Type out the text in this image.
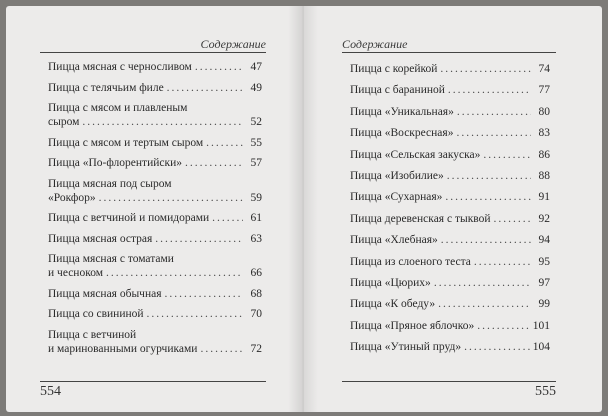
Содержание
Пицца мясная с черносливом .....	47
Пицца с телячьим филе .....	49
Пицца с мясом и плавленым
сыром .....	52
Пицца с мясом и тертым сыром .....	55
Пицца «По-флорентийски» .....	57
Пицца мясная под сыром
«Рокфор» .....	59
Пицца с ветчиной и помидорами .....	61
Пицца мясная острая .....	63
Пицца мясная с томатами
и чесноком .....	66
Пицца мясная обычная .....	68
Пицца со свининой .....	70
Пицца с ветчиной
и маринованными огурчиками .....	72
554
Содержание
Пицца с корейкой .....	74
Пицца с бараниной .....	77
Пицца «Уникальная» .....	80
Пицца «Воскресная» .....	83
Пицца «Сельская закуска» .....	86
Пицца «Изобилие» .....	88
Пицца «Сухарная» .....	91
Пицца деревенская с тыквой .....	92
Пицца «Хлебная» .....	94
Пицца из слоеного теста .....	95
Пицца «Цюрих» .....	97
Пицца «К обеду» .....	99
Пицца «Пряное яблочко» .....	101
Пицца «Утиный пруд» .....	104
555
